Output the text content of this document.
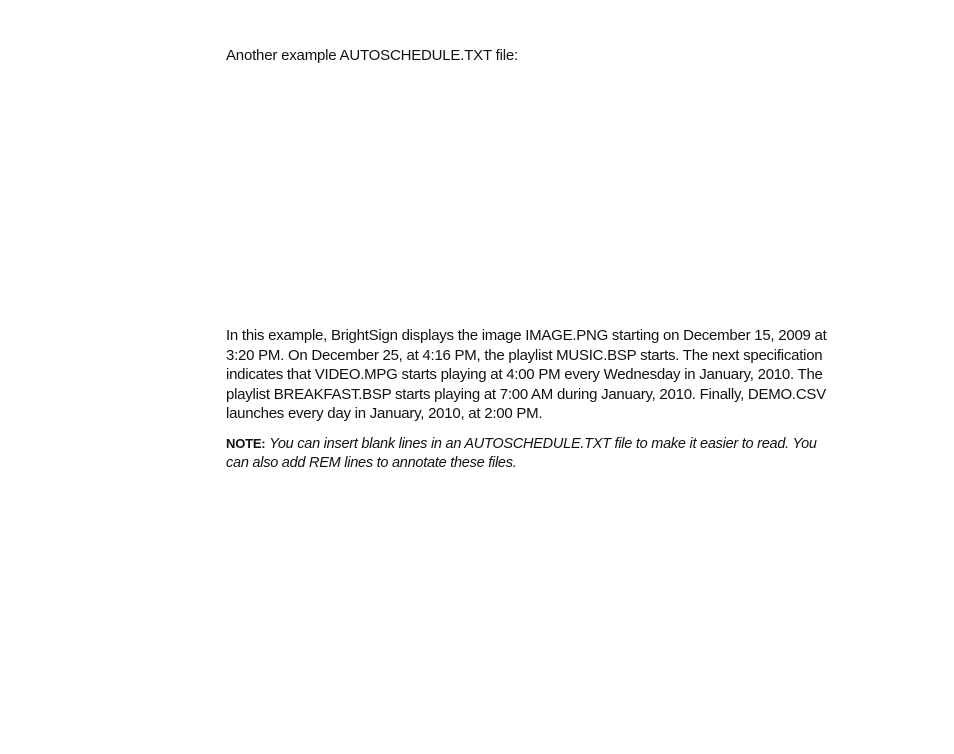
Another example AUTOSCHEDULE.TXT file:

In this example, BrightSign displays the image IMAGE.PNG starting on December 15, 2009 at 3:20 PM. On December 25, at 4:16 PM, the playlist MUSIC.BSP starts. The next specification indicates that VIDEO.MPG starts playing at 4:00 PM every Wednesday in January, 2010. The playlist BREAKFAST.BSP starts playing at 7:00 AM during January, 2010. Finally, DEMO.CSV launches every day in January, 2010, at 2:00 PM.

NOTE: You can insert blank lines in an AUTOSCHEDULE.TXT file to make it easier to read. You can also add REM lines to annotate these files.
